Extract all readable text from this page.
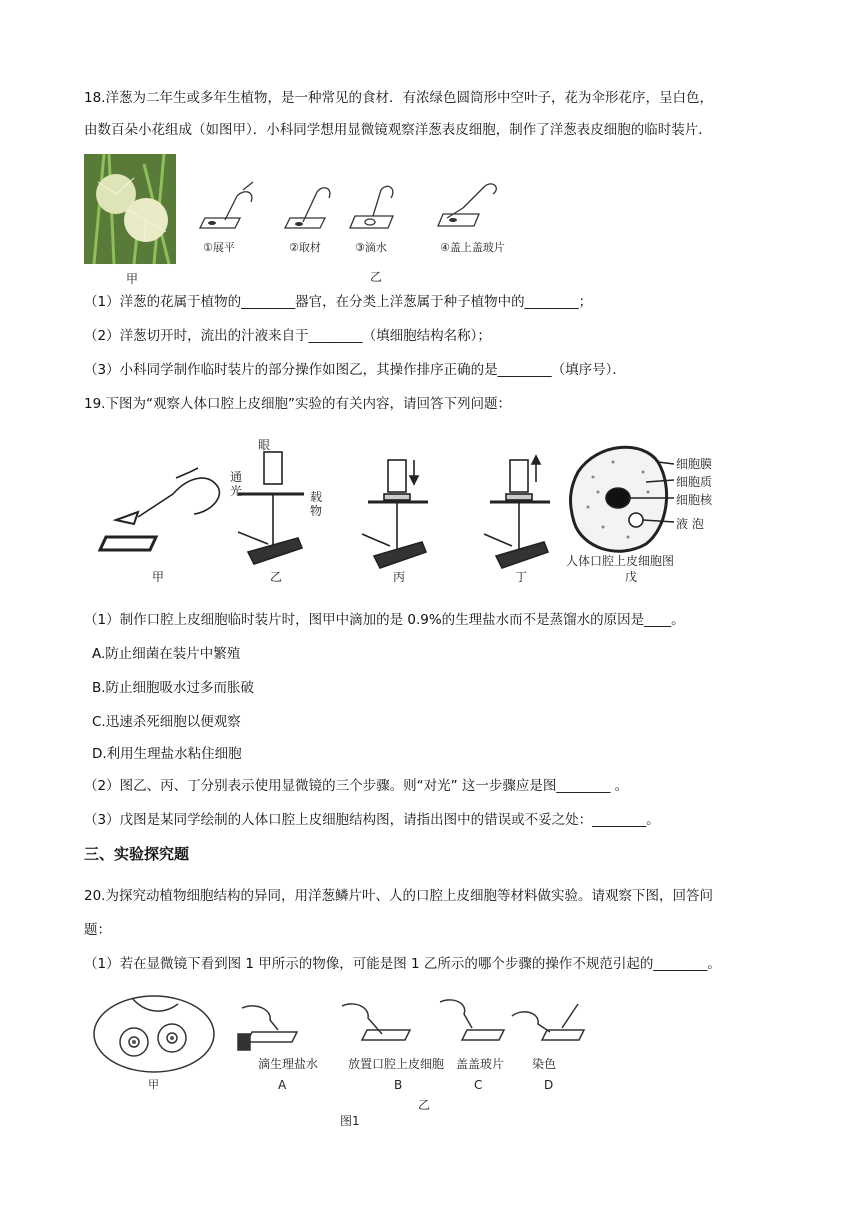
18.洋葱为二年生或多年生植物，是一种常见的食材．有浓绿色圆筒形中空叶子，花为伞形花序，呈白色，
由数百朵小花组成（如图甲）．小科同学想用显微镜观察洋葱表皮细胞，制作了洋葱表皮细胞的临时装片．
甲
①展平	②取材	③滴水	④盖上盖玻片
乙
（1）洋葱的花属于植物的________器官，在分类上洋葱属于种子植物中的________；
（2）洋葱切开时，流出的汁液来自于________（填细胞结构名称）；
（3）小科同学制作临时装片的部分操作如图乙，其操作排序正确的是________（填序号）．
19.下图为“观察人体口腔上皮细胞”实验的有关内容，请回答下列问题：
眼
通光	载物
细胞膜
细胞质
细胞核
液 泡
人体口腔上皮细胞图
甲	乙	丙	丁	戊
（1）制作口腔上皮细胞临时装片时，图甲中滴加的是 0.9%的生理盐水而不是蒸馏水的原因是____。
A.防止细菌在装片中繁殖
B.防止细胞吸水过多而胀破
C.迅速杀死细胞以便观察
D.利用生理盐水粘住细胞
（2）图乙、丙、丁分别表示使用显微镜的三个步骤。则“对光” 这一步骤应是图________ 。
（3）戊图是某同学绘制的人体口腔上皮细胞结构图，请指出图中的错误或不妥之处：________。
三、实验探究题
20.为探究动植物细胞结构的异同，用洋葱鳞片叶、人的口腔上皮细胞等材料做实验。请观察下图，回答问
题：
（1）若在显微镜下看到图 1 甲所示的物像，可能是图 1 乙所示的哪个步骤的操作不规范引起的________。
滴生理盐水 放置口腔上皮细胞 盖盖玻片 染色
A	B	C	D
甲
乙
图1
